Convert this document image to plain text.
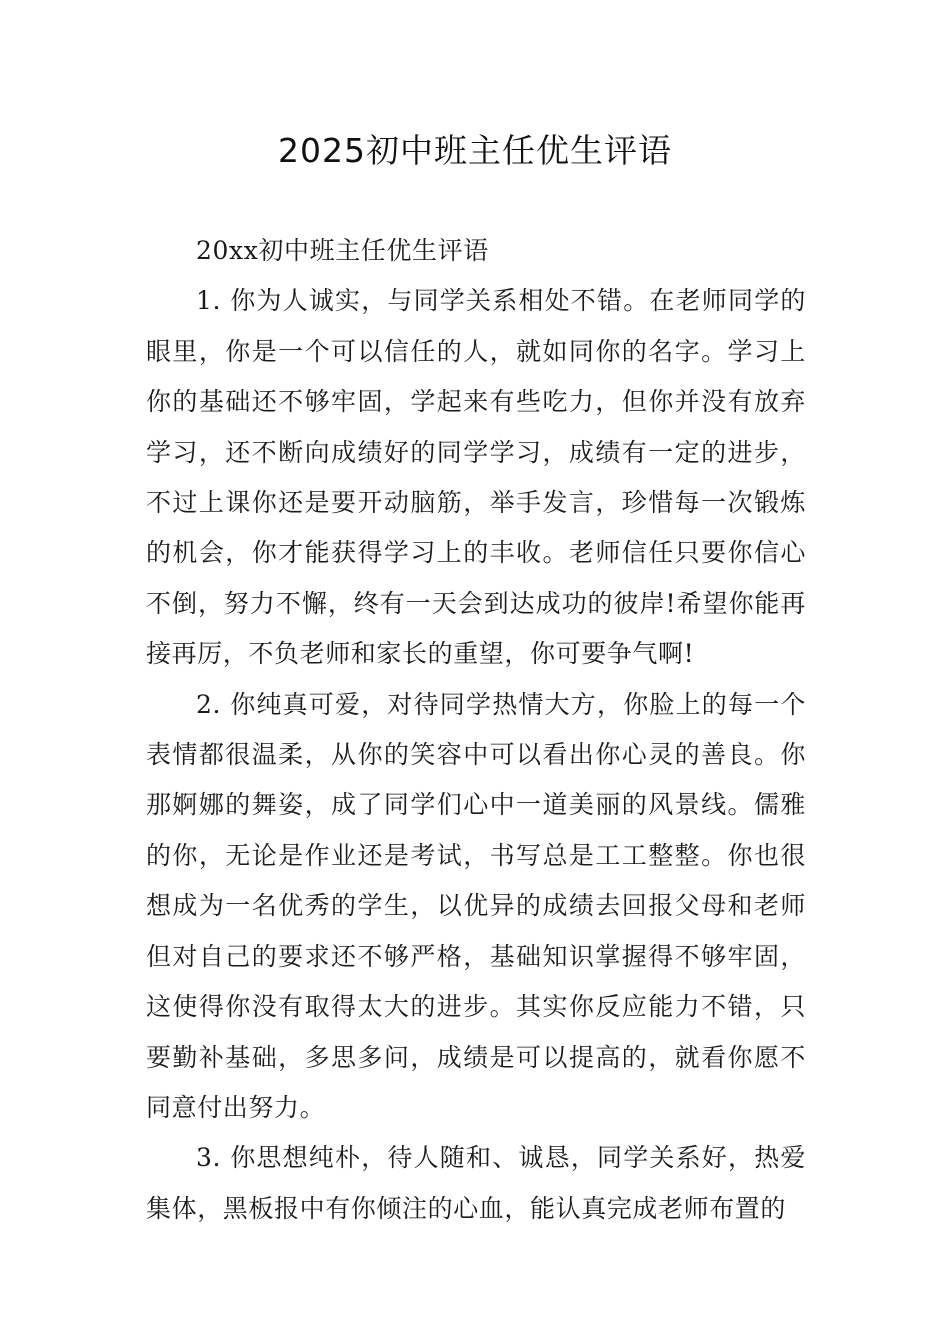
2025初中班主任优生评语

20xx初中班主任优生评语

1. 你为人诚实，与同学关系相处不错。在老师同学的眼里，你是一个可以信任的人，就如同你的名字。学习上你的基础还不够牢固，学起来有些吃力，但你并没有放弃学习，还不断向成绩好的同学学习，成绩有一定的进步，不过上课你还是要开动脑筋，举手发言，珍惜每一次锻炼的机会，你才能获得学习上的丰收。老师信任只要你信心不倒，努力不懈，终有一天会到达成功的彼岸!希望你能再接再厉，不负老师和家长的重望，你可要争气啊!

2. 你纯真可爱，对待同学热情大方，你脸上的每一个表情都很温柔，从你的笑容中可以看出你心灵的善良。你那婀娜的舞姿，成了同学们心中一道美丽的风景线。儒雅的你，无论是作业还是考试，书写总是工工整整。你也很想成为一名优秀的学生，以优异的成绩去回报父母和老师但对自己的要求还不够严格，基础知识掌握得不够牢固，这使得你没有取得太大的进步。其实你反应能力不错，只要勤补基础，多思多问，成绩是可以提高的，就看你愿不同意付出努力。

3. 你思想纯朴，待人随和、诚恳，同学关系好，热爱集体，黑板报中有你倾注的心血，能认真完成老师布置的
